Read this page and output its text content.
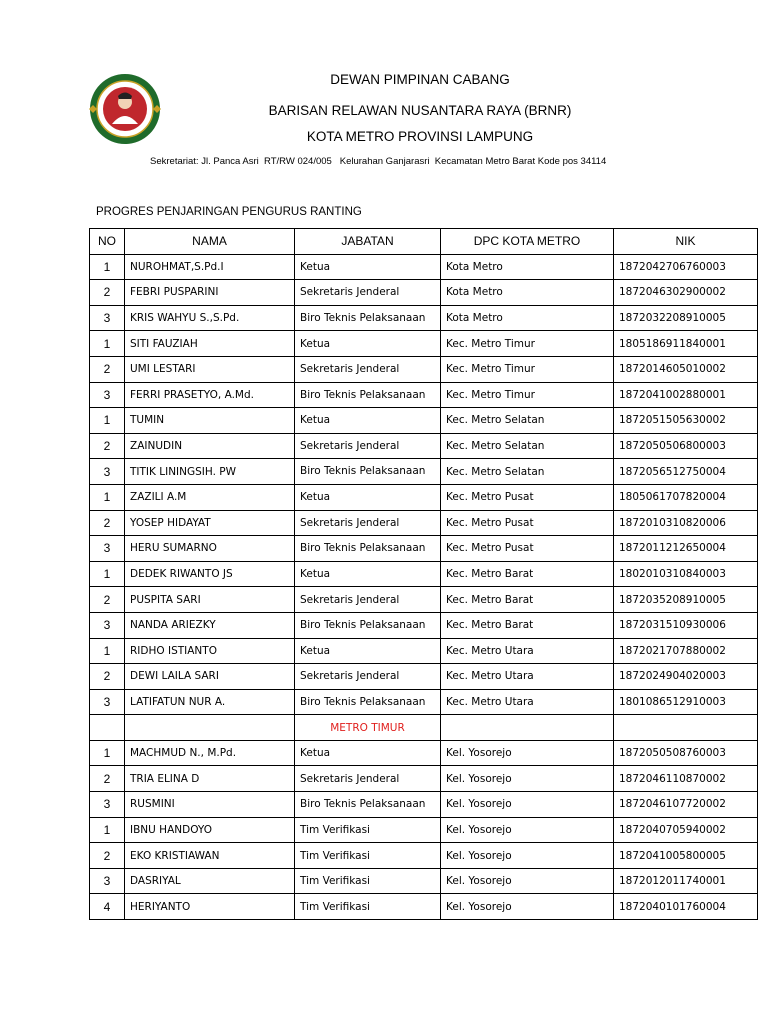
DEWAN PIMPINAN CABANG
BARISAN RELAWAN NUSANTARA RAYA (BRNR)
KOTA METRO PROVINSI LAMPUNG
Sekretariat: Jl. Panca Asri  RT/RW 024/005   Kelurahan Ganjarasri  Kecamatan Metro Barat Kode pos 34114
PROGRES PENJARINGAN PENGURUS RANTING
NO	NAMA	JABATAN	DPC KOTA METRO	NIK
1	NUROHMAT,S.Pd.I	Ketua	Kota Metro	1872042706760003
2	FEBRI PUSPARINI	Sekretaris Jenderal	Kota Metro	1872046302900002
3	KRIS WAHYU S.,S.Pd.	Biro Teknis Pelaksanaan	Kota Metro	1872032208910005
1	SITI FAUZIAH	Ketua	Kec. Metro Timur	1805186911840001
2	UMI LESTARI	Sekretaris Jenderal	Kec. Metro Timur	1872014605010002
3	FERRI PRASETYO, A.Md.	Biro Teknis Pelaksanaan	Kec. Metro Timur	1872041002880001
1	TUMIN	Ketua	Kec. Metro Selatan	1872051505630002
2	ZAINUDIN	Sekretaris Jenderal	Kec. Metro Selatan	1872050506800003
3	TITIK LININGSIH. PW	Biro Teknis Pelaksanaan	Kec. Metro Selatan	1872056512750004
1	ZAZILI A.M	Ketua	Kec. Metro Pusat	1805061707820004
2	YOSEP HIDAYAT	Sekretaris Jenderal	Kec. Metro Pusat	1872010310820006
3	HERU SUMARNO	Biro Teknis Pelaksanaan	Kec. Metro Pusat	1872011212650004
1	DEDEK RIWANTO JS	Ketua	Kec. Metro Barat	1802010310840003
2	PUSPITA SARI	Sekretaris Jenderal	Kec. Metro Barat	1872035208910005
3	NANDA ARIEZKY	Biro Teknis Pelaksanaan	Kec. Metro Barat	1872031510930006
1	RIDHO ISTIANTO	Ketua	Kec. Metro Utara	1872021707880002
2	DEWI LAILA SARI	Sekretaris Jenderal	Kec. Metro Utara	1872024904020003
3	LATIFATUN NUR A.	Biro Teknis Pelaksanaan	Kec. Metro Utara	1801086512910003
		METRO TIMUR		
1	MACHMUD N., M.Pd.	Ketua	Kel. Yosorejo	1872050508760003
2	TRIA ELINA D	Sekretaris Jenderal	Kel. Yosorejo	1872046110870002
3	RUSMINI	Biro Teknis Pelaksanaan	Kel. Yosorejo	1872046107720002
1	IBNU HANDOYO	Tim Verifikasi	Kel. Yosorejo	1872040705940002
2	EKO KRISTIAWAN	Tim Verifikasi	Kel. Yosorejo	1872041005800005
3	DASRIYAL	Tim Verifikasi	Kel. Yosorejo	1872012011740001
4	HERIYANTO	Tim Verifikasi	Kel. Yosorejo	1872040101760004
